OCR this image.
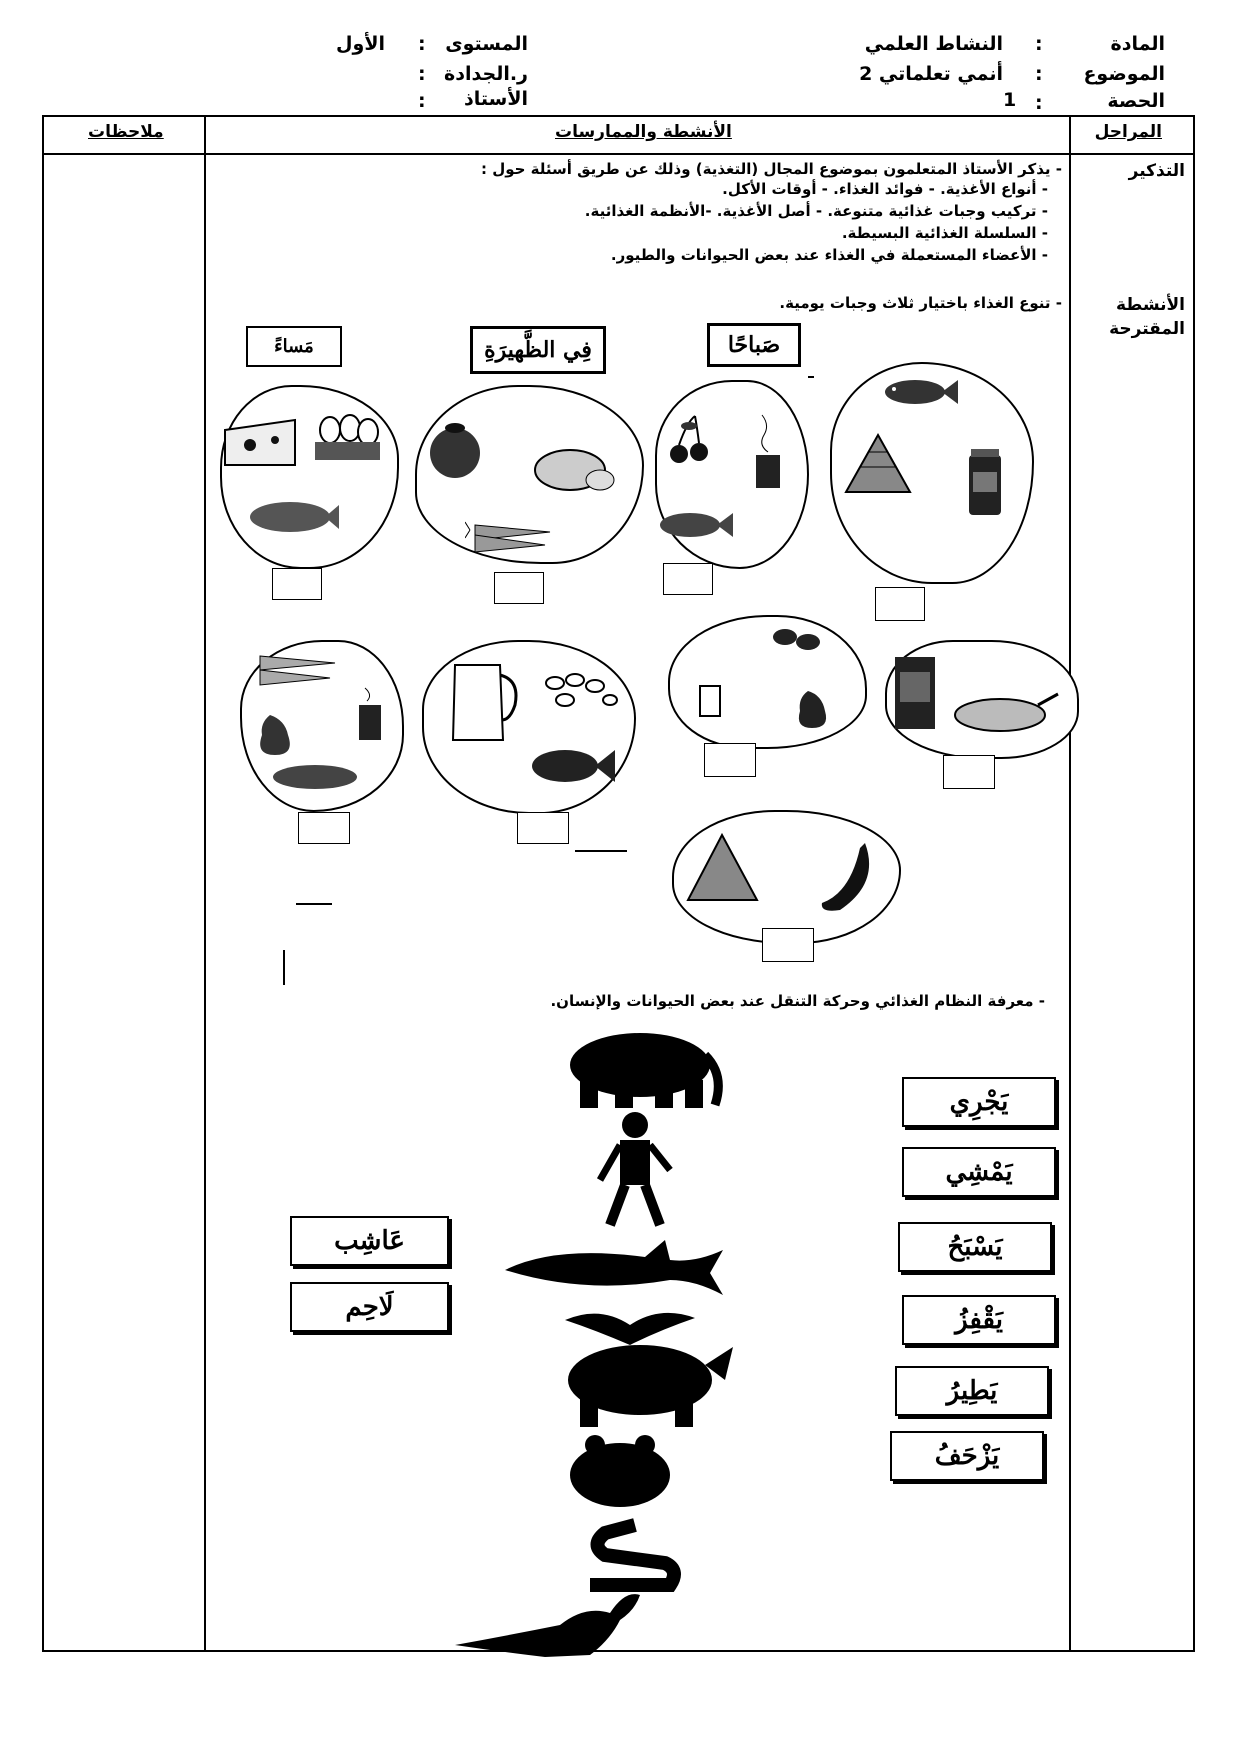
المادة
:
النشاط العلمي
الموضوع
:
أنمي تعلماتي 2
الحصة
:
1
المستوى
:
الأول
ر.الجدادة
:
الأستاذ
:
المراحل
الأنشطة والممارسات
ملاحظات
التذكير
الأنشطة
المقترحة
- يذكر الأستاذ المتعلمون بموضوع المجال (التغذية) وذلك عن طريق أسئلة حول :
- أنواع الأغذية. - فوائد الغذاء. - أوقات الأكل.
- تركيب وجبات غذائية متنوعة. - أصل الأغذية. -الأنظمة الغذائية.
- السلسلة الغذائية البسيطة.
- الأعضاء المستعملة في الغذاء عند بعض الحيوانات والطيور.
- تنوع الغذاء باختيار ثلاث وجبات يومية.
صَباحًا
فِي الظَّهيرَةِ
مَساءً
- معرفة النظام الغذائي وحركة التنقل عند بعض الحيوانات والإنسان.
يَجْرِي
يَمْشِي
يَسْبَحُ
يَقْفِزُ
يَطِيرُ
يَزْحَفُ
عَاشِب
لَاحِم
